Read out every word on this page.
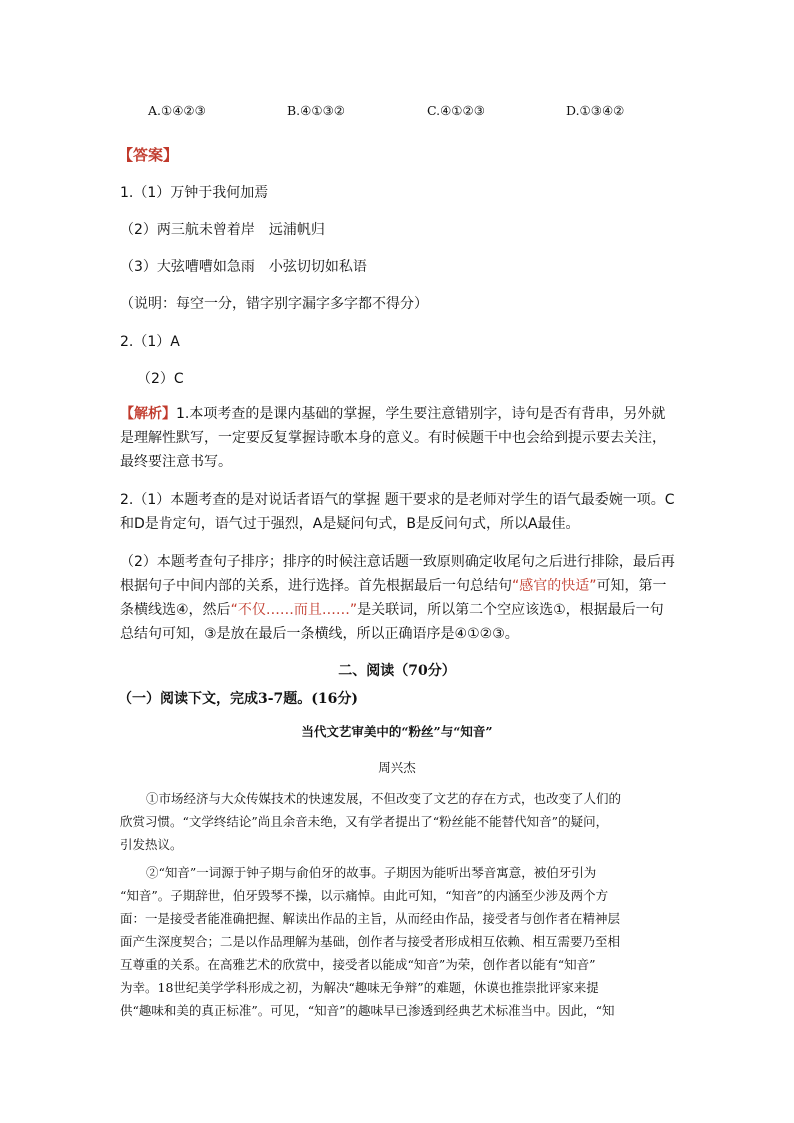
A.①④②③	B.④①③②	C.④①②③	D.①③④②
【答案】
1.（1）万钟于我何加焉
（2）两三航未曾着岸　远浦帆归
（3）大弦嘈嘈如急雨　小弦切切如私语
（说明：每空一分，错字别字漏字多字都不得分）
2.（1）A
（2）C
【解析】1.本项考查的是课内基础的掌握，学生要注意错别字，诗句是否有背串，另外就
是理解性默写，一定要反复掌握诗歌本身的意义。有时候题干中也会给到提示要去关注，
最终要注意书写。
2.（1）本题考查的是对说话者语气的掌握 题干要求的是老师对学生的语气最委婉一项。C
和D是肯定句，语气过于强烈，A是疑问句式，B是反问句式，所以A最佳。
（2）本题考查句子排序；排序的时候注意话题一致原则确定收尾句之后进行排除，最后再
根据句子中间内部的关系，进行选择。首先根据最后一句总结句“感官的快适”可知，第一
条横线选④，然后“不仅……而且……”是关联词，所以第二个空应该选①，根据最后一句
总结句可知，③是放在最后一条横线，所以正确语序是④①②③。
二、阅读（70分）
（一）阅读下文，完成3-7题。(16分)
当代文艺审美中的“粉丝”与“知音”
周兴杰
①市场经济与大众传媒技术的快速发展，不但改变了文艺的存在方式，也改变了人们的
欣赏习惯。“文学终结论”尚且余音未绝，又有学者提出了“粉丝能不能替代知音”的疑问，
引发热议。
②“知音”一词源于钟子期与俞伯牙的故事。子期因为能听出琴音寓意，被伯牙引为
“知音”。子期辞世，伯牙毁琴不操，以示痛悼。由此可知，“知音”的内涵至少涉及两个方
面：一是接受者能准确把握、解读出作品的主旨，从而经由作品，接受者与创作者在精神层
面产生深度契合；二是以作品理解为基础，创作者与接受者形成相互依赖、相互需要乃至相
互尊重的关系。在高雅艺术的欣赏中，接受者以能成“知音”为荣，创作者以能有“知音”
为幸。18世纪美学学科形成之初，为解决“趣味无争辩”的难题，休谟也推崇批评家来提
供“趣味和美的真正标准”。可见，“知音”的趣味早已渗透到经典艺术标准当中。因此，“知
